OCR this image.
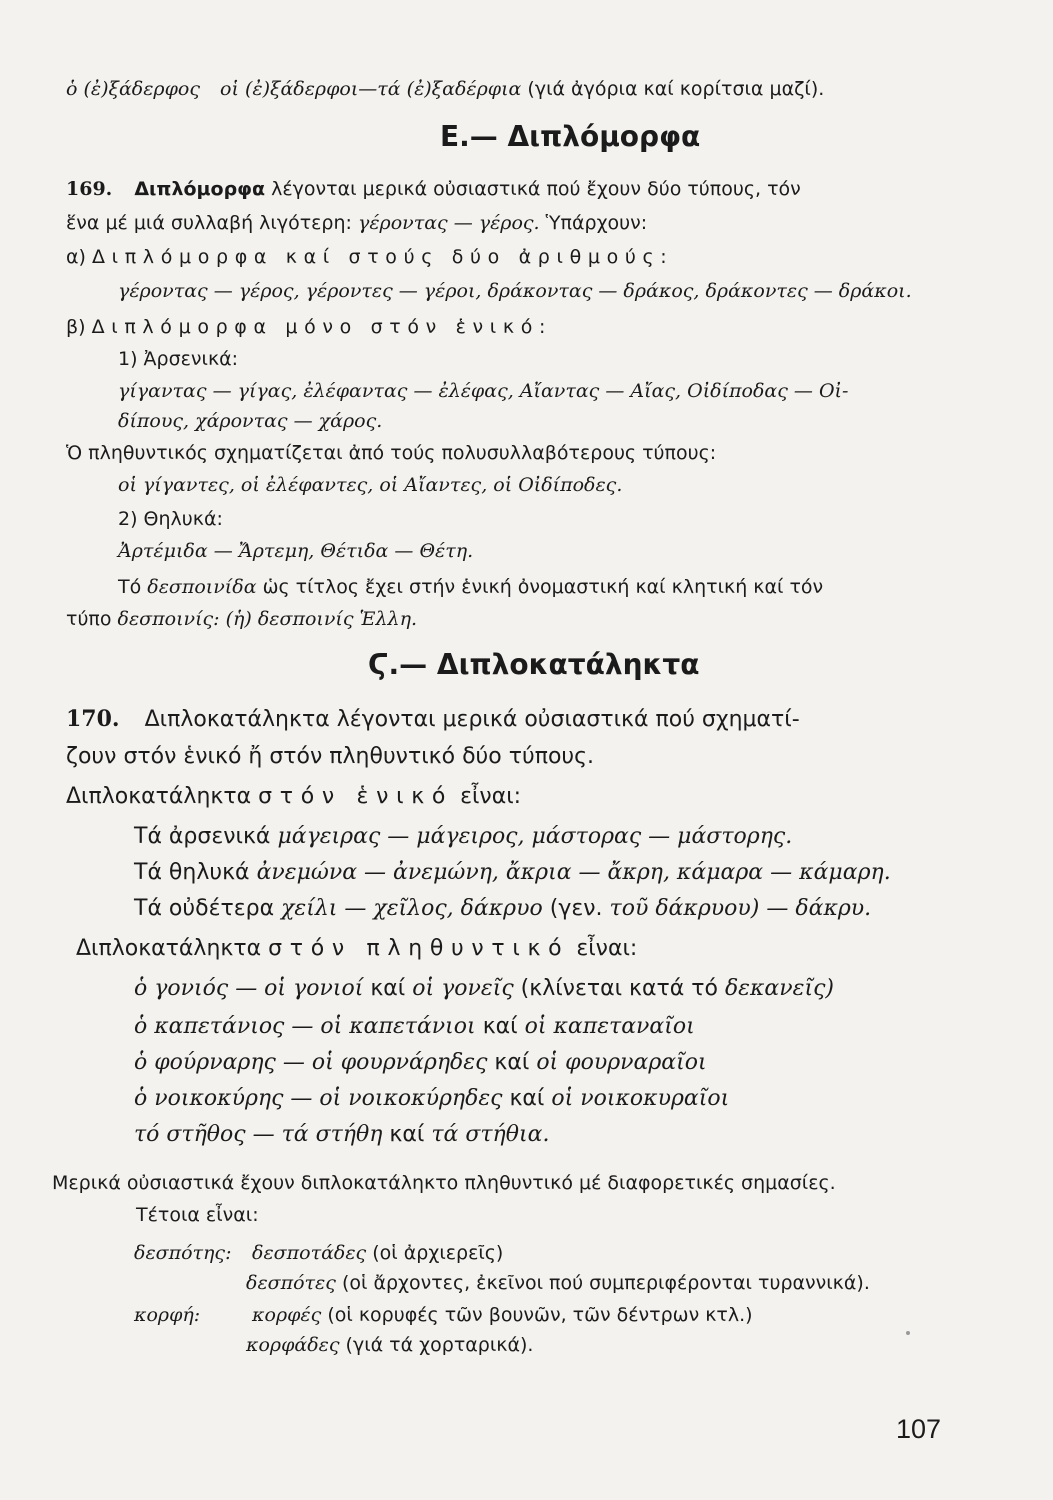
ὁ (ἐ)ξάδερφος οἱ (ἐ)ξάδερφοι—τά (ἐ)ξαδέρφια (γιά ἀγόρια καί κορίτσια μαζί).
Ε.— Διπλόμορφα
169. Διπλόμορφα λέγονται μερικά οὐσιαστικά πού ἔχουν δύο τύπους, τόν
ἕνα μέ μιά συλλαβή λιγότερη: γέροντας — γέρος. Ὑπάρχουν:
α) Διπλόμορφα καί στούς δύο ἀριθμούς:
γέροντας — γέρος, γέροντες — γέροι, δράκοντας — δράκος, δράκοντες — δράκοι.
β) Διπλόμορφα μόνο στόν ἑνικό:
1) Ἀρσενικά:
γίγαντας — γίγας, ἐλέφαντας — ἐλέφας, Αἴαντας — Αἴας, Οἰδίποδας — Οἰ-
δίπους, χάροντας — χάρος.
Ὁ πληθυντικός σχηματίζεται ἀπό τούς πολυσυλλαβότερους τύπους:
οἱ γίγαντες, οἱ ἐλέφαντες, οἱ Αἴαντες, οἱ Οἰδίποδες.
2) Θηλυκά:
Ἀρτέμιδα — Ἄρτεμη, Θέτιδα — Θέτη.
Τό δεσποινίδα ὡς τίτλος ἔχει στήν ἑνική ὀνομαστική καί κλητική καί τόν
τύπο δεσποινίς: (ἡ) δεσποινίς Ἑλλη.
Ϛ.— Διπλοκατάληκτα
170. Διπλοκατάληκτα λέγονται μερικά οὐσιαστικά πού σχηματί-
ζουν στόν ἑνικό ἤ στόν πληθυντικό δύο τύπους.
Διπλοκατάληκτα στόν ἑνικό εἶναι:
Τά ἀρσενικά μάγειρας — μάγειρος, μάστορας — μάστορης.
Τά θηλυκά ἀνεμώνα — ἀνεμώνη, ἄκρια — ἄκρη, κάμαρα — κάμαρη.
Τά οὐδέτερα χείλι — χεῖλος, δάκρυο (γεν. τοῦ δάκρυου) — δάκρυ.
Διπλοκατάληκτα στόν πληθυντικό εἶναι:
ὁ γονιός — οἱ γονιοί καί οἱ γονεῖς (κλίνεται κατά τό δεκανεῖς)
ὁ καπετάνιος — οἱ καπετάνιοι καί οἱ καπεταναῖοι
ὁ φούρναρης — οἱ φουρνάρηδες καί οἱ φουρναραῖοι
ὁ νοικοκύρης — οἱ νοικοκύρηδες καί οἱ νοικοκυραῖοι
τό στῆθος — τά στήθη καί τά στήθια.
Μερικά οὐσιαστικά ἔχουν διπλοκατάληκτο πληθυντικό μέ διαφορετικές σημασίες.
Τέτοια εἶναι:
δεσπότης: δεσποτάδες (οἱ ἀρχιερεῖς)
δεσπότες (οἱ ἄρχοντες, ἐκεῖνοι πού συμπεριφέρονται τυραννικά).
κορφή:	κορφές (οἱ κορυφές τῶν βουνῶν, τῶν δέντρων κτλ.)
κορφάδες (γιά τά χορταρικά).
107
